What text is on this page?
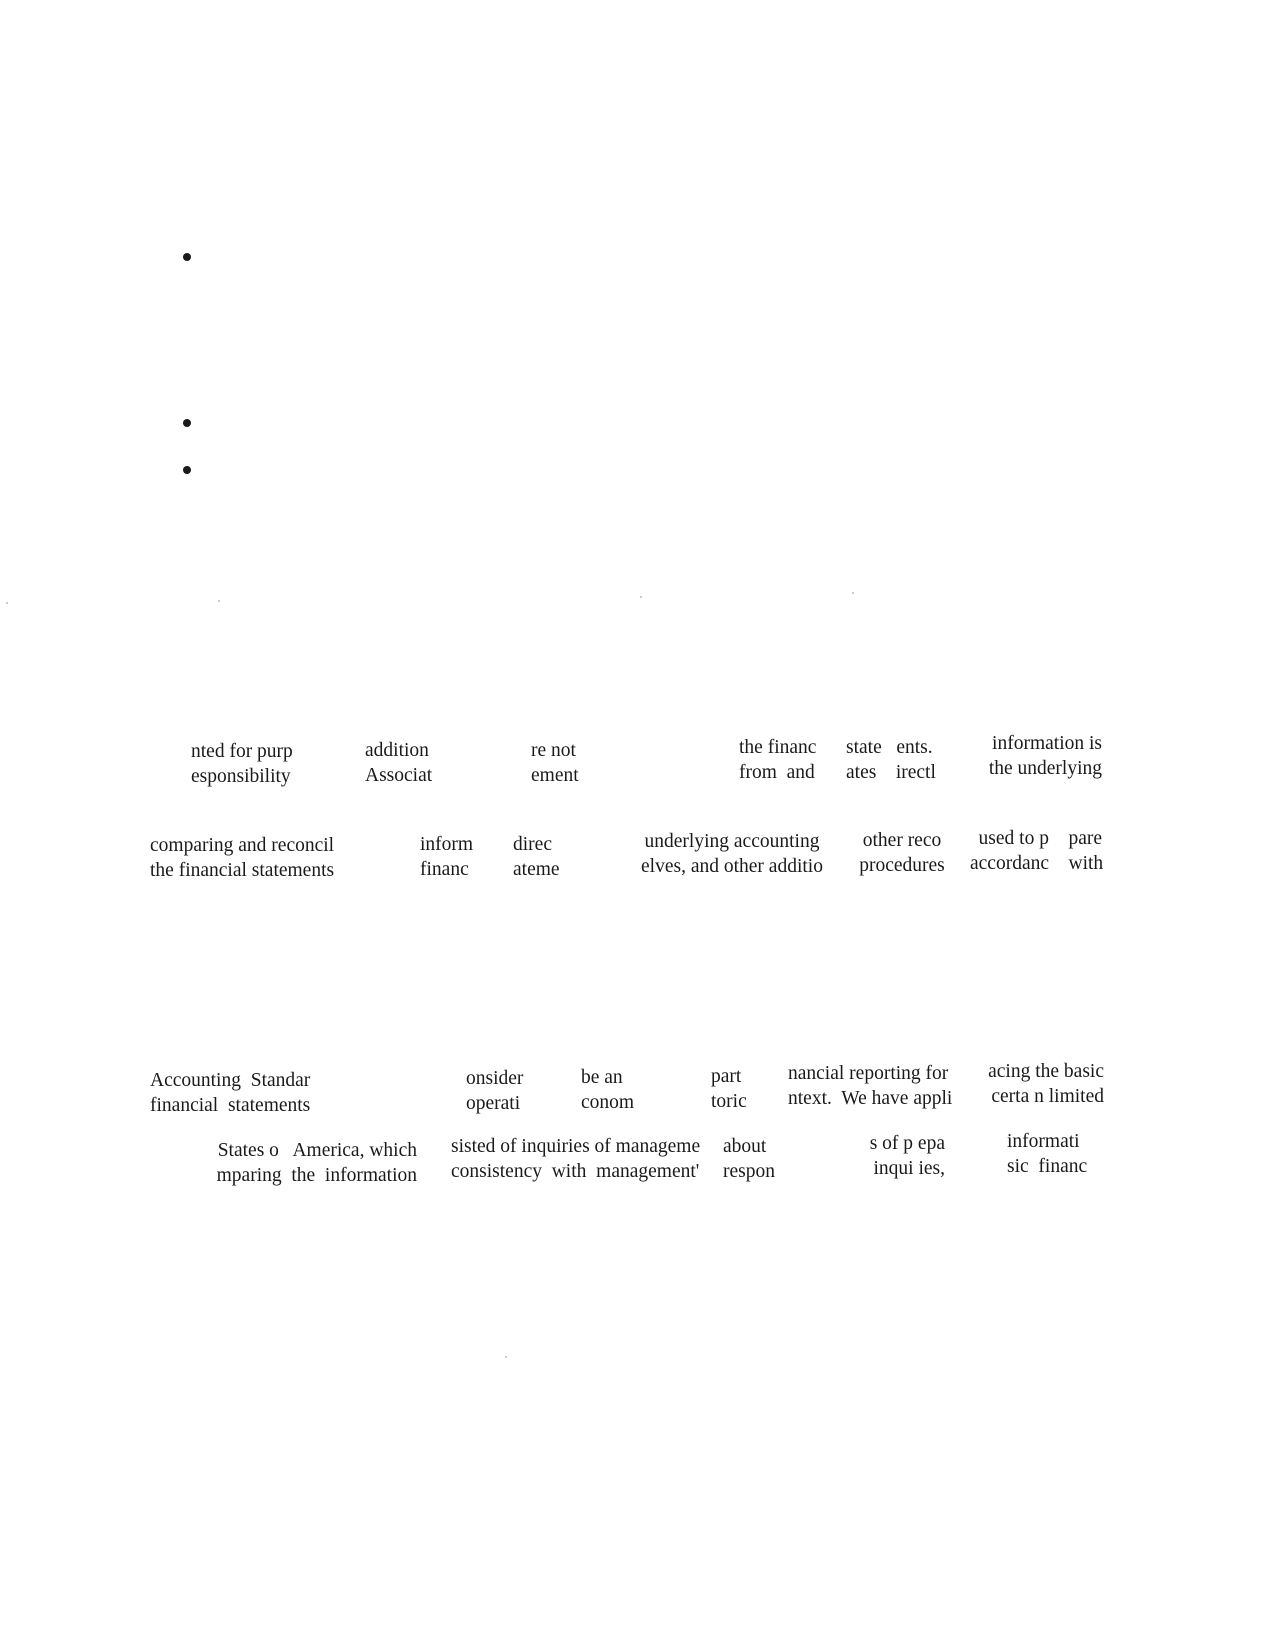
nted for purp
esponsibility

addition
Associat

re not
ement

the financ
from  and

state   ents.
ates    irectl

information is
the underlying

comparing and reconcil
the financial statements

inform
financ

direc
ateme

underlying accounting
elves, and other additio

other reco
procedures

used to p    pare
accordanc    with

Accounting  Standar
financial  statements

onsider
operati

be an
conom

part
toric

nancial reporting for
ntext.  We have appli

acing the basic
certa n limited

States o   America, which
mparing  the  information

sisted of inquiries of manageme
consistency  with  management'

about
respon

s of p epa
inqui ies,

informati
sic  financ
